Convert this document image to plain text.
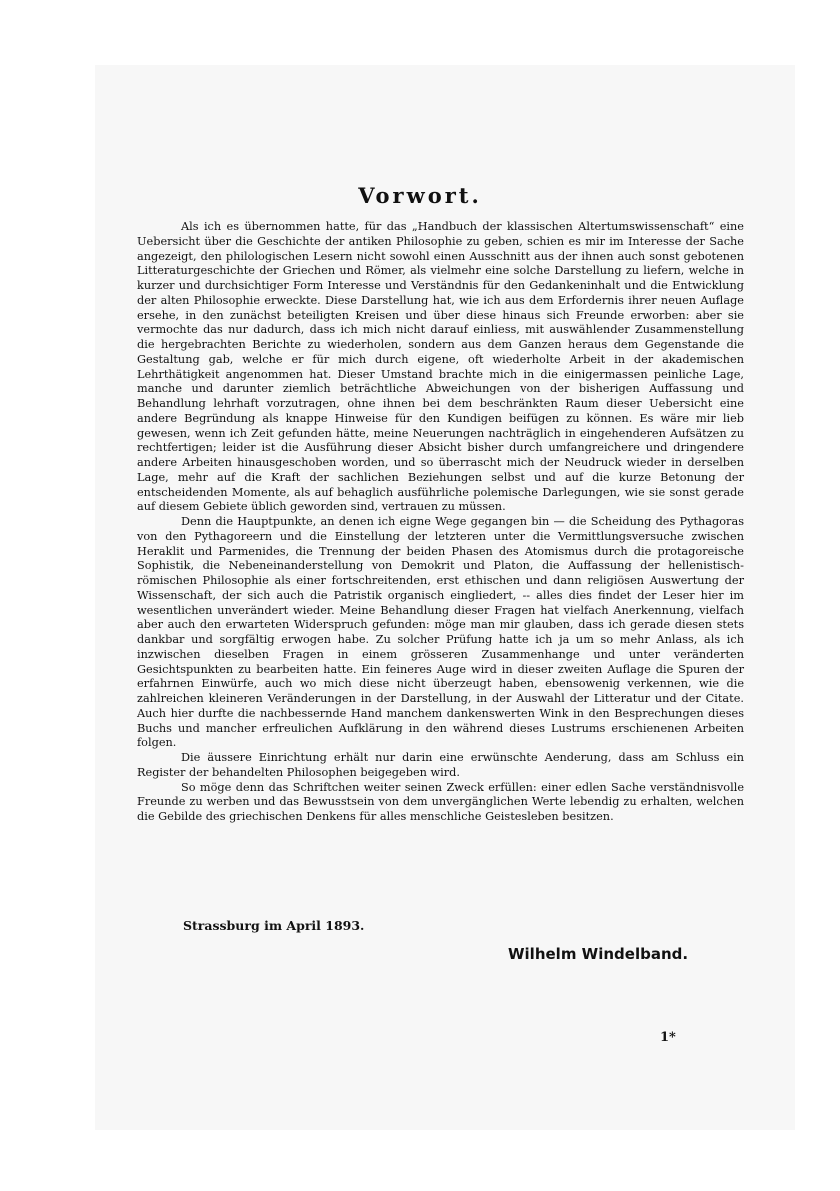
Vorwort.

Als ich es übernommen hatte, für das „Handbuch der klassischen Altertumswissenschaft“ eine Uebersicht über die Geschichte der antiken Philosophie zu geben, schien es mir im Interesse der Sache angezeigt, den philologischen Lesern nicht sowohl einen Ausschnitt aus der ihnen auch sonst gebotenen Litteraturgeschichte der Griechen und Römer, als vielmehr eine solche Darstellung zu liefern, welche in kurzer und durchsichtiger Form Interesse und Verständnis für den Gedankeninhalt und die Entwicklung der alten Philosophie erweckte. Diese Darstellung hat, wie ich aus dem Erfordernis ihrer neuen Auflage ersehe, in den zunächst beteiligten Kreisen und über diese hinaus sich Freunde erworben: aber sie vermochte das nur dadurch, dass ich mich nicht darauf einliess, mit auswählender Zusammenstellung die hergebrachten Berichte zu wiederholen, sondern aus dem Ganzen heraus dem Gegenstande die Gestaltung gab, welche er für mich durch eigene, oft wiederholte Arbeit in der akademischen Lehrthätigkeit angenommen hat. Dieser Umstand brachte mich in die einigermassen peinliche Lage, manche und darunter ziemlich beträchtliche Abweichungen von der bisherigen Auffassung und Behandlung lehrhaft vorzutragen, ohne ihnen bei dem beschränkten Raum dieser Uebersicht eine andere Begründung als knappe Hinweise für den Kundigen beifügen zu können. Es wäre mir lieb gewesen, wenn ich Zeit gefunden hätte, meine Neuerungen nachträglich in eingehenderen Aufsätzen zu rechtfertigen; leider ist die Ausführung dieser Absicht bisher durch umfangreichere und dringendere andere Arbeiten hinausgeschoben worden, und so überrascht mich der Neudruck wieder in derselben Lage, mehr auf die Kraft der sachlichen Beziehungen selbst und auf die kurze Betonung der entscheidenden Momente, als auf behaglich ausführliche polemische Darlegungen, wie sie sonst gerade auf diesem Gebiete üblich geworden sind, vertrauen zu müssen.

Denn die Hauptpunkte, an denen ich eigne Wege gegangen bin — die Scheidung des Pythagoras von den Pythagoreern und die Einstellung der letzteren unter die Vermittlungsversuche zwischen Heraklit und Parmenides, die Trennung der beiden Phasen des Atomismus durch die protagoreische Sophistik, die Nebeneinanderstellung von Demokrit und Platon, die Auffassung der hellenistisch-römischen Philosophie als einer fortschreitenden, erst ethischen und dann religiösen Auswertung der Wissenschaft, der sich auch die Patristik organisch eingliedert, -- alles dies findet der Leser hier im wesentlichen unverändert wieder. Meine Behandlung dieser Fragen hat vielfach Anerkennung, vielfach aber auch den erwarteten Widerspruch gefunden: möge man mir glauben, dass ich gerade diesen stets dankbar und sorgfältig erwogen habe. Zu solcher Prüfung hatte ich ja um so mehr Anlass, als ich inzwischen dieselben Fragen in einem grösseren Zusammenhange und unter veränderten Gesichtspunkten zu bearbeiten hatte. Ein feineres Auge wird in dieser zweiten Auflage die Spuren der erfahrnen Einwürfe, auch wo mich diese nicht überzeugt haben, ebensowenig verkennen, wie die zahlreichen kleineren Veränderungen in der Darstellung, in der Auswahl der Litteratur und der Citate. Auch hier durfte die nachbessernde Hand manchem dankenswerten Wink in den Besprechungen dieses Buchs und mancher erfreulichen Aufklärung in den während dieses Lustrums erschienenen Arbeiten folgen.

Die äussere Einrichtung erhält nur darin eine erwünschte Aenderung, dass am Schluss ein Register der behandelten Philosophen beigegeben wird.

So möge denn das Schriftchen weiter seinen Zweck erfüllen: einer edlen Sache verständnisvolle Freunde zu werben und das Bewusstsein von dem unvergänglichen Werte lebendig zu erhalten, welchen die Gebilde des griechischen Denkens für alles menschliche Geistesleben besitzen.

Strassburg im April 1893.

Wilhelm Windelband.

1*
